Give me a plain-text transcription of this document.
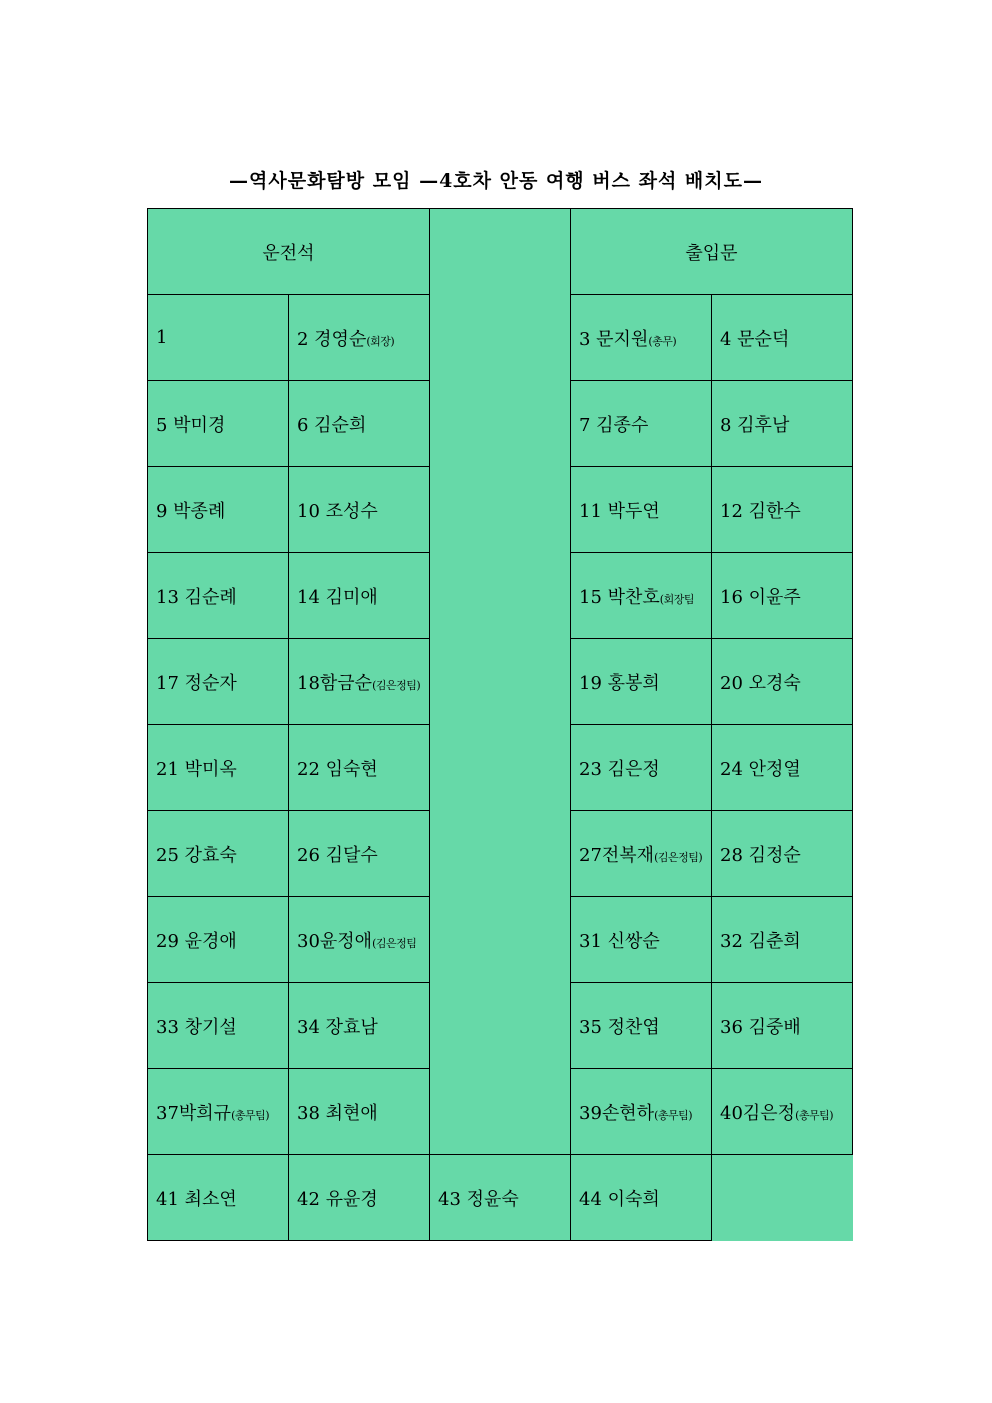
—역사문화탐방 모임 —4호차 안동 여행 버스 좌석 배치도—
운전석			출입문	
1	2 경영순(회장)		3 문지원(총무)	4 문순덕
5 박미경	6 김순희		7 김종수	8 김후남
9 박종례	10 조성수		11 박두연	12 김한수
13 김순례	14 김미애		15 박찬호(회장팀	16 이윤주
17 정순자	18함금순(김은정팀)		19 홍봉희	20 오경숙
21 박미옥	22 임숙현		23 김은정	24 안정열
25 강효숙	26 김달수		27전복재(김은정팀)	28 김정순
29 윤경애	30윤정애(김은정팀		31 신쌍순	32 김춘희
33 창기설	34 장효남		35 정찬엽	36 김중배
37박희규(총무팀)	38 최현애		39손현하(총무팀)	40김은정(총무팀)
41 최소연	42 유윤경	43 정윤숙	44 이숙희	
